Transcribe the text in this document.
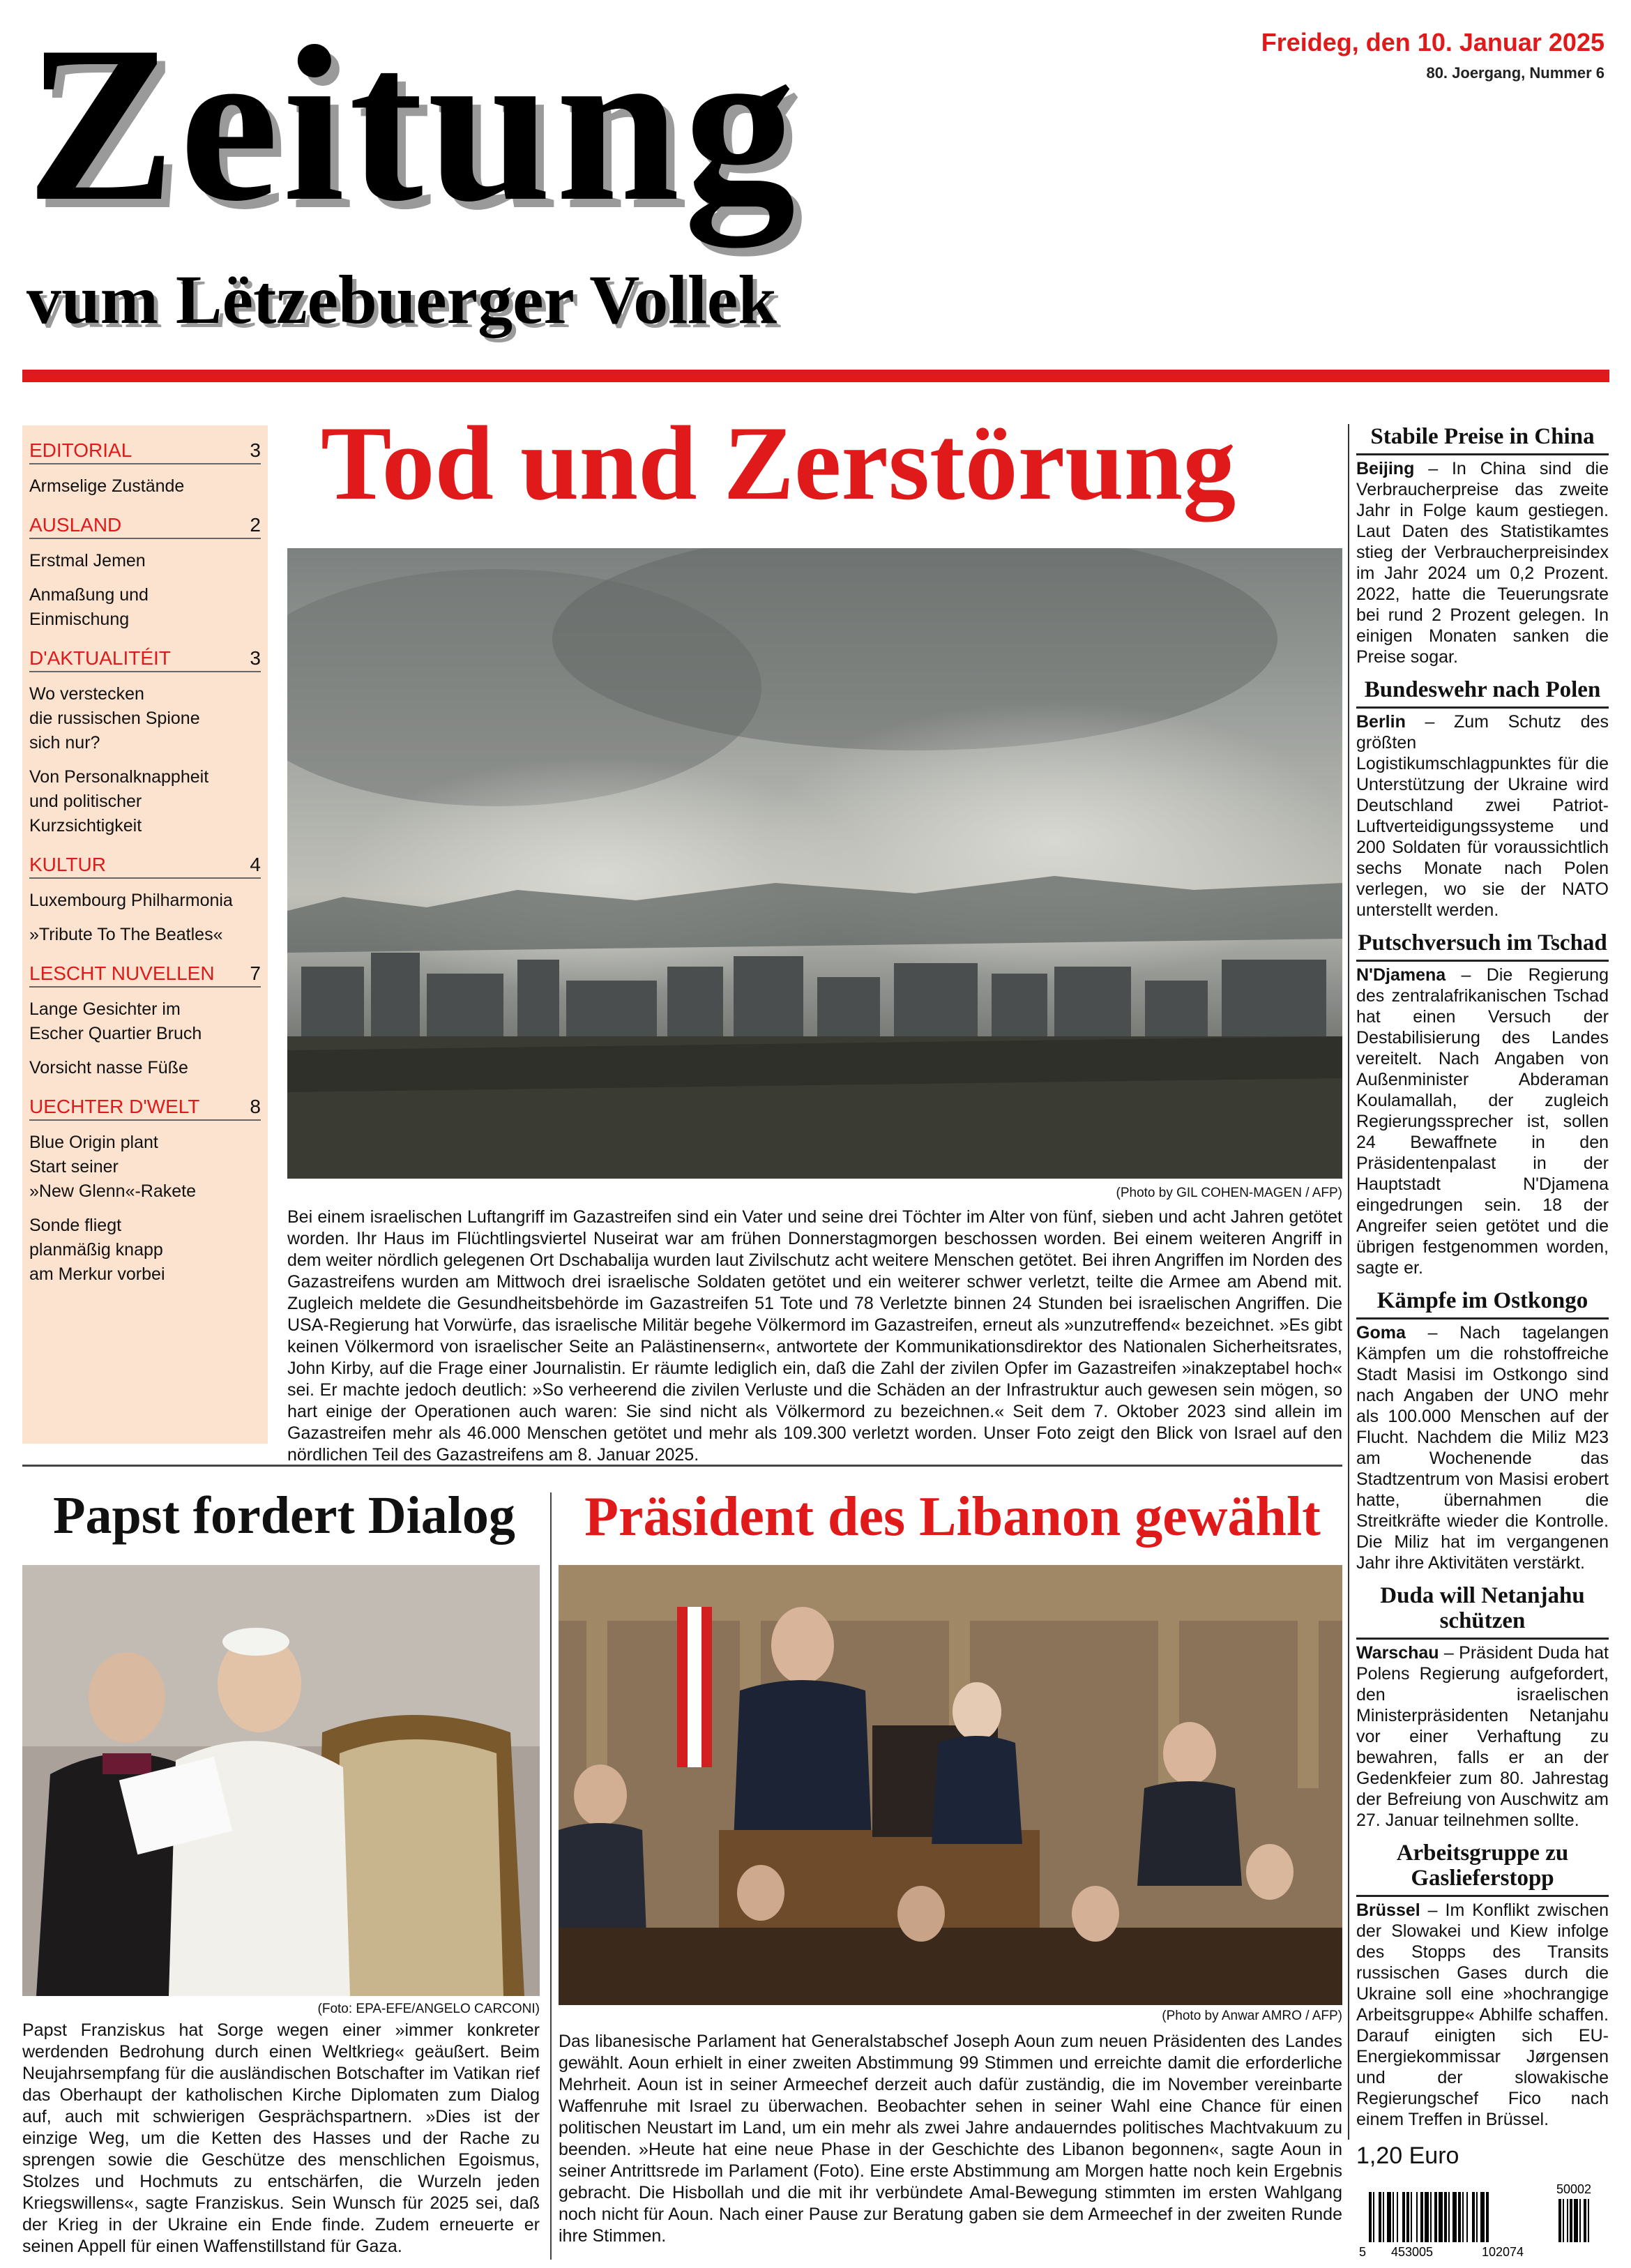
Zeitung
vum Lëtzebuerger Vollek
Freideg, den 10. Januar 2025
80. Joergang, Nummer 6
EDITORIAL	3
Armselige Zustände
AUSLAND	2
Erstmal Jemen
Anmaßung und
Einmischung
D'AKTUALITÉIT	3
Wo verstecken
die russischen Spione
sich nur?
Von Personalknappheit
und politischer
Kurzsichtigkeit
KULTUR	4
Luxembourg Philharmonia
»Tribute To The Beatles«
LESCHT NUVELLEN 7
Lange Gesichter im
Escher Quartier Bruch
Vorsicht nasse Füße
UECHTER D'WELT	8
Blue Origin plant
Start seiner
»New Glenn«-Rakete
Sonde fliegt
planmäßig knapp
am Merkur vorbei
Tod und Zerstörung
(Photo by GIL COHEN-MAGEN / AFP)
Bei einem israelischen Luftangriff im Gazastreifen sind ein Vater und seine drei Töchter im Alter von fünf, sieben und acht Jahren getötet worden. Ihr Haus im Flüchtlingsviertel Nuseirat war am frühen Donnerstagmorgen beschossen worden. Bei einem weiteren Angriff in dem weiter nördlich gelegenen Ort Dschabalija wurden laut Zivilschutz acht weitere Menschen getötet. Bei ihren Angriffen im Norden des Gazastreifens wurden am Mittwoch drei israelische Soldaten getötet und ein weiterer schwer verletzt, teilte die Armee am Abend mit. Zugleich meldete die Gesundheitsbehörde im Gazastreifen 51 Tote und 78 Verletzte binnen 24 Stunden bei israelischen Angriffen. Die USA-Regierung hat Vorwürfe, das israelische Militär begehe Völkermord im Gazastreifen, erneut als »unzutreffend« bezeichnet. »Es gibt keinen Völkermord von israelischer Seite an Palästinensern«, antwortete der Kommunikationsdirektor des Nationalen Sicherheitsrates, John Kirby, auf die Frage einer Journalistin. Er räumte lediglich ein, daß die Zahl der zivilen Opfer im Gazastreifen »inakzeptabel hoch« sei. Er machte jedoch deutlich: »So verheerend die zivilen Verluste und die Schäden an der Infrastruktur auch gewesen sein mögen, so hart einige der Operationen auch waren: Sie sind nicht als Völkermord zu bezeichnen.« Seit dem 7. Oktober 2023 sind allein im Gazastreifen mehr als 46.000 Menschen getötet und mehr als 109.300 verletzt worden. Unser Foto zeigt den Blick von Israel auf den nördlichen Teil des Gazastreifens am 8. Januar 2025.
Stabile Preise in China

Beijing – In China sind die Verbraucherpreise das zweite Jahr in Folge kaum gestiegen. Laut Daten des Statistikamtes stieg der Verbraucherpreisindex im Jahr 2024 um 0,2 Prozent. 2022, hatte die Teuerungsrate bei rund 2 Prozent gelegen. In einigen Monaten sanken die Preise sogar.

Bundeswehr nach Polen

Berlin – Zum Schutz des größten Logistikumschlagpunktes für die Unterstützung der Ukraine wird Deutschland zwei Patriot-Luftverteidigungssysteme und 200 Soldaten für voraussichtlich sechs Monate nach Polen verlegen, wo sie der NATO unterstellt werden.

Putschversuch im Tschad

N'Djamena – Die Regierung des zentralafrikanischen Tschad hat einen Versuch der Destabilisierung des Landes vereitelt. Nach Angaben von Außenminister Abderaman Koulamallah, der zugleich Regierungssprecher ist, sollen 24 Bewaffnete in den Präsidentenpalast in der Hauptstadt N'Djamena eingedrungen sein. 18 der Angreifer seien getötet und die übrigen festgenommen worden, sagte er.

Kämpfe im Ostkongo

Goma – Nach tagelangen Kämpfen um die rohstoffreiche Stadt Masisi im Ostkongo sind nach Angaben der UNO mehr als 100.000 Menschen auf der Flucht. Nachdem die Miliz M23 am Wochenende das Stadtzentrum von Masisi erobert hatte, übernahmen die Streitkräfte wieder die Kontrolle. Die Miliz hat im vergangenen Jahr ihre Aktivitäten verstärkt.

Duda will Netanjahu schützen

Warschau – Präsident Duda hat Polens Regierung aufgefordert, den israelischen Ministerpräsidenten Netanjahu vor einer Verhaftung zu bewahren, falls er an der Gedenkfeier zum 80. Jahrestag der Befreiung von Auschwitz am 27. Januar teilnehmen sollte.

Arbeitsgruppe zu Gaslieferstopp

Brüssel – Im Konflikt zwischen der Slowakei und Kiew infolge des Stopps des Transits russischen Gases durch die Ukraine soll eine »hochrangige Arbeitsgruppe« Abhilfe schaffen. Darauf einigten sich EU-Energiekommissar Jørgensen und der slowakische Regierungschef Fico nach einem Treffen in Brüssel.

1,20 Euro
5 453005	102074
50002
Papst fordert Dialog
(Foto: EPA-EFE/ANGELO CARCONI)
Papst Franziskus hat Sorge wegen einer »immer konkreter werdenden Bedrohung durch einen Weltkrieg« geäußert. Beim Neujahrsempfang für die ausländischen Botschafter im Vatikan rief das Oberhaupt der katholischen Kirche Diplomaten zum Dialog auf, auch mit schwierigen Gesprächspartnern. »Dies ist der einzige Weg, um die Ketten des Hasses und der Rache zu sprengen sowie die Geschütze des menschlichen Egoismus, Stolzes und Hochmuts zu entschärfen, die Wurzeln jeden Kriegswillens«, sagte Franziskus. Sein Wunsch für 2025 sei, daß der Krieg in der Ukraine ein Ende finde. Zudem erneuerte er seinen Appell für einen Waffenstillstand für Gaza.
Präsident des Libanon gewählt
(Photo by Anwar AMRO / AFP)
Das libanesische Parlament hat Generalstabschef Joseph Aoun zum neuen Präsidenten des Landes gewählt. Aoun erhielt in einer zweiten Abstimmung 99 Stimmen und erreichte damit die erforderliche Mehrheit. Aoun ist in seiner Armeechef derzeit auch dafür zuständig, die im November vereinbarte Waffenruhe mit Israel zu überwachen. Beobachter sehen in seiner Wahl eine Chance für einen politischen Neustart im Land, um ein mehr als zwei Jahre andauerndes politisches Machtvakuum zu beenden. »Heute hat eine neue Phase in der Geschichte des Libanon begonnen«, sagte Aoun in seiner Antrittsrede im Parlament (Foto). Eine erste Abstimmung am Morgen hatte noch kein Ergebnis gebracht. Die Hisbollah und die mit ihr verbündete Amal-Bewegung stimmten im ersten Wahlgang noch nicht für Aoun. Nach einer Pause zur Beratung gaben sie dem Armeechef in der zweiten Runde ihre Stimmen.
